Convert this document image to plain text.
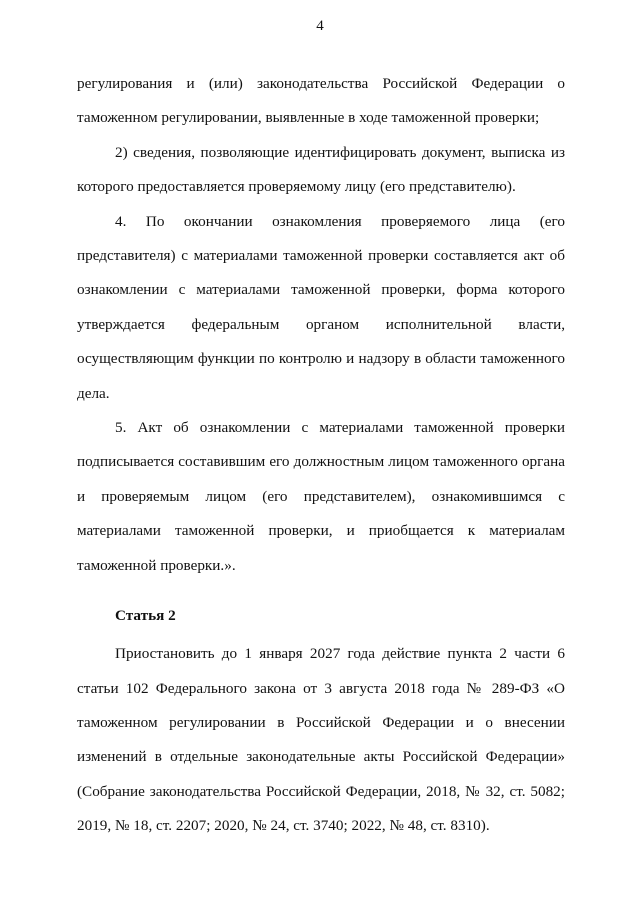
4

регулирования и (или) законодательства Российской Федерации о таможенном регулировании, выявленные в ходе таможенной проверки;

2) сведения, позволяющие идентифицировать документ, выписка из которого предоставляется проверяемому лицу (его представителю).

4. По окончании ознакомления проверяемого лица (его представителя) с материалами таможенной проверки составляется акт об ознакомлении с материалами таможенной проверки, форма которого утверждается федеральным органом исполнительной власти, осуществляющим функции по контролю и надзору в области таможенного дела.

5. Акт об ознакомлении с материалами таможенной проверки подписывается составившим его должностным лицом таможенного органа и проверяемым лицом (его представителем), ознакомившимся с материалами таможенной проверки, и приобщается к материалам таможенной проверки.».

Статья 2

Приостановить до 1 января 2027 года действие пункта 2 части 6 статьи 102 Федерального закона от 3 августа 2018 года № 289-ФЗ «О таможенном регулировании в Российской Федерации и о внесении изменений в отдельные законодательные акты Российской Федерации» (Собрание законодательства Российской Федерации, 2018, № 32, ст. 5082; 2019, № 18, ст. 2207; 2020, № 24, ст. 3740; 2022, № 48, ст. 8310).
